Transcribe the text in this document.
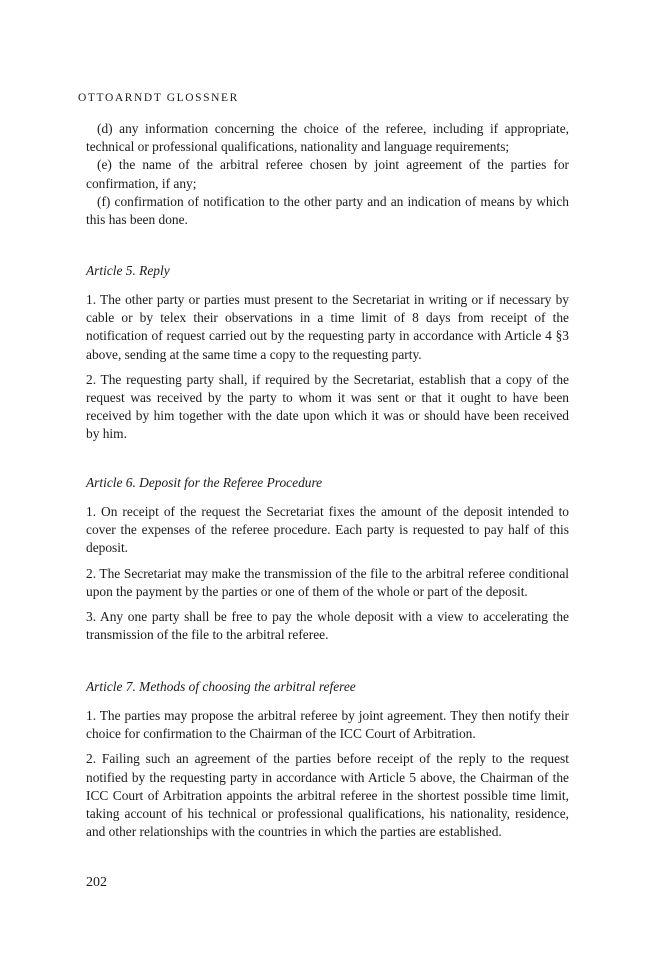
OTTOARNDT GLOSSNER

(d) any information concerning the choice of the referee, including if appropriate, technical or professional qualifications, nationality and language requirements;

(e) the name of the arbitral referee chosen by joint agreement of the parties for confirmation, if any;

(f) confirmation of notification to the other party and an indication of means by which this has been done.

Article 5. Reply

1. The other party or parties must present to the Secretariat in writing or if necessary by cable or by telex their observations in a time limit of 8 days from receipt of the notification of request carried out by the requesting party in accordance with Article 4 §3 above, sending at the same time a copy to the requesting party.

2. The requesting party shall, if required by the Secretariat, establish that a copy of the request was received by the party to whom it was sent or that it ought to have been received by him together with the date upon which it was or should have been received by him.

Article 6. Deposit for the Referee Procedure

1. On receipt of the request the Secretariat fixes the amount of the deposit intended to cover the expenses of the referee procedure. Each party is requested to pay half of this deposit.

2. The Secretariat may make the transmission of the file to the arbitral referee conditional upon the payment by the parties or one of them of the whole or part of the deposit.

3. Any one party shall be free to pay the whole deposit with a view to accelerating the transmission of the file to the arbitral referee.

Article 7. Methods of choosing the arbitral referee

1. The parties may propose the arbitral referee by joint agreement. They then notify their choice for confirmation to the Chairman of the ICC Court of Arbitration.

2. Failing such an agreement of the parties before receipt of the reply to the request notified by the requesting party in accordance with Article 5 above, the Chairman of the ICC Court of Arbitration appoints the arbitral referee in the shortest possible time limit, taking account of his technical or professional qualifications, his nationality, residence, and other relationships with the countries in which the parties are established.

202
